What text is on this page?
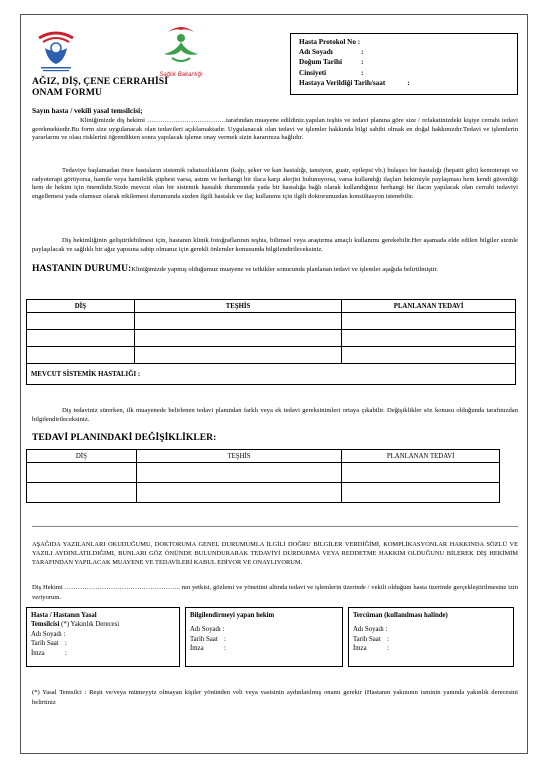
Sağlık Bakanlığı
AĞIZ, DİŞ, ÇENE CERRAHİSİ
ONAM FORMU
Hasta Protokol No :
Adı Soyadı	:
Doğum Tarihi	:
Cinsiyeti	:
Hastaya Verildiği Tarih/saat	:
Sayın hasta / vekili yasal temsilcisi;
Kliniğimizde diş hekimi ………………………………tarafından muayene edildiniz.yapılan teşhis ve tedavi planına göre size / refakatinizdeki kişiye cerrahi tedavi gerekmektedir.Bu form size uygulanacak olan tedavileri açıklamaktadır. Uygulanacak olan tedavi ve işlemler hakkında bilgi sahibi olmak en doğal hakkınızdır.Tedavi ve işlemlerin yararlarını ve olası risklerini öğrendikten sonra yapılacak işleme onay vermek sizin kararınıza bağlıdır.
Tedaviye başlamadan önce hastaların sistemik rahatsızlıklarını (kalp, şeker ve kan hastalığı, tansiyon, guatr, epilepsi vb.) bulaşıcı bir hastalığı (hepatit gibi) kemoterapi ve radyoterapi görüyorsa, hamile veya hamilelik şüphesi varsa, astım ve herhangi bir ilaca karşı alerjisi bulunuyorsa, varsa kullandığı ilaçları hekimiyle paylaşması hem kendi güvenliği hem de hekim için önemlidir.Sizde mevcut olan bir sistemik hastalık durumunda yada bir hastalığa bağlı olarak kullandığınız herhangi bir ilacın yapılacak olan cerrahi tedaviyi engellemesi yada olumsuz olarak etkilemesi durumunda sizden ilgili hastalık ve ilaç kullanımı için ilgili doktorunuzdan konsültasyon istenebilir.
Diş hekimliğinin geliştirilebilmesi için, hastanın klinik fotoğraflarının teşhis, bilimsel veya araştırma amaçlı kullanımı gerekebilir.Her aşamada elde edilen bilgiler sizinle paylaşılacak ve sağlıklı bir ağız yapısına sahip olmanız için gerekli önlemler konusunda bilgilendirileceksiniz.
HASTANIN DURUMU:Kliniğimizde yapmış olduğumuz muayene ve tetkikler sonucunda planlanan tedavi ve işlemler aşağıda belirtilmiştir.
DİŞ	TEŞHİS	PLANLANAN TEDAVİ

MEVCUT SİSTEMİK HASTALIĞI :		
Diş tedaviniz sürerken, ilk muayenede belirlenen tedavi planından farklı veya ek tedavi gereksinimleri ortaya çıkabilir. Değişiklikler söz konusu olduğunda tarafınızdan bilgilendirileceksiniz.
TEDAVİ PLANINDAKİ DEĞİŞİKLİKLER:
DİŞ	TEŞHİS	PLANLANAN TEDAVİ

AŞAĞIDA YAZILANLARI OKUDUĞUMU, DOKTORUMA GENEL DURUMUMLA İLGİLİ DOĞRU BİLGİLER VERDİĞİMİ, KOMPLİKASYONLAR HAKKINDA SÖZLÜ VE YAZILI AYDINLATILDIĞIMI, BUNLARI GÖZ ÖNÜNDE BULUNDURARAK TEDAVİYİ DURDURMA VEYA REDDETME HAKKIM OLDUĞUNU BİLEREK DİŞ HEKİMİM TARAFINDAN YAPILACAK MUAYENE VE TEDAVİLERİ KABUL EDİYOR VE ONAYLIYORUM.
Diş Hekimi …………………………………………….. nın yetkisi, gözlemi ve yönetimi altında tedavi ve işlemlerin üzerinde / vekili olduğum hasta üzerinde gerçekleştirilmesine izin veriyorum.
Hasta / Hastanın Yasal
Temsilcisi (*) Yakınlık Derecesi
Adı Soyadı :
Tarih Saat :
İmza	:
Bilgilendirmeyi yapan hekim
Adı Soyadı :
Tarih Saat :
İmza	:
Tercüman (kullanılması halinde)
Adı Soyadı :
Tarih Saat :
İmza	:
(*) Yasal Temsilci : Reşit ve/veya mümeyyiz olmayan kişiler yönünden veli veya vasisinin aydınlatılmış onamı gerekir (Hastanın yakınının isminin yanında yakınlık derecesini belirtiniz
